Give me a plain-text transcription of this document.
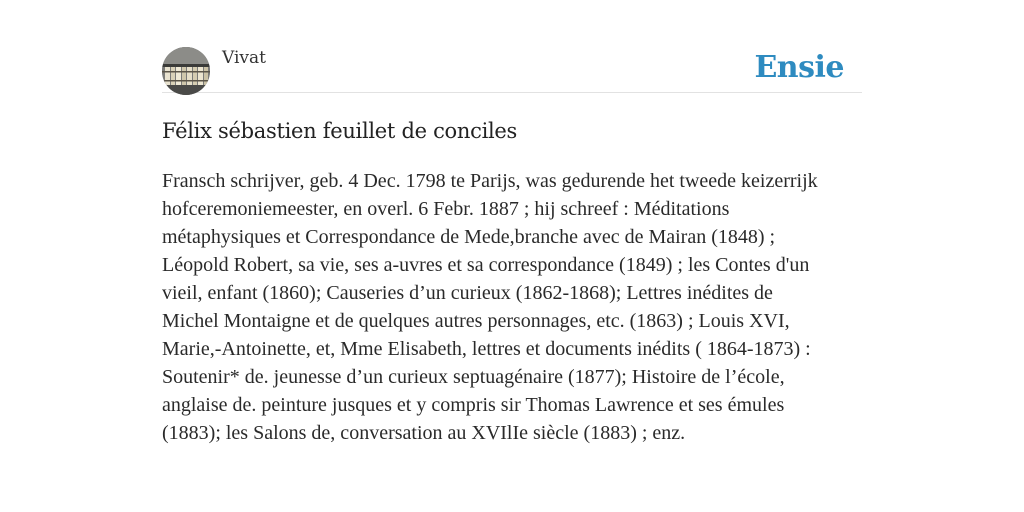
Vivat	Ensie
Félix sébastien feuillet de conciles
Fransch schrijver, geb. 4 Dec. 1798 te Parijs, was gedurende het tweede keizerrijk
hofceremoniemeester, en overl. 6 Febr. 1887 ; hij schreef : Méditations
métaphysiques et Correspondance de Mede,branche avec de Mairan (1848) ;
Léopold Robert, sa vie, ses a-uvres et sa correspondance (1849) ; les Contes d'un
vieil, enfant (1860); Causeries d’un curieux (1862-1868); Lettres inédites de
Michel Montaigne et de quelques autres personnages, etc. (1863) ; Louis XVI,
Marie,-Antoinette, et, Mme Elisabeth, lettres et documents inédits ( 1864-1873) :
Soutenir* de. jeunesse d’un curieux septuagénaire (1877); Histoire de l’école,
anglaise de. peinture jusques et y compris sir Thomas Lawrence et ses émules
(1883); les Salons de, conversation au XVIlIe siècle (1883) ; enz.
